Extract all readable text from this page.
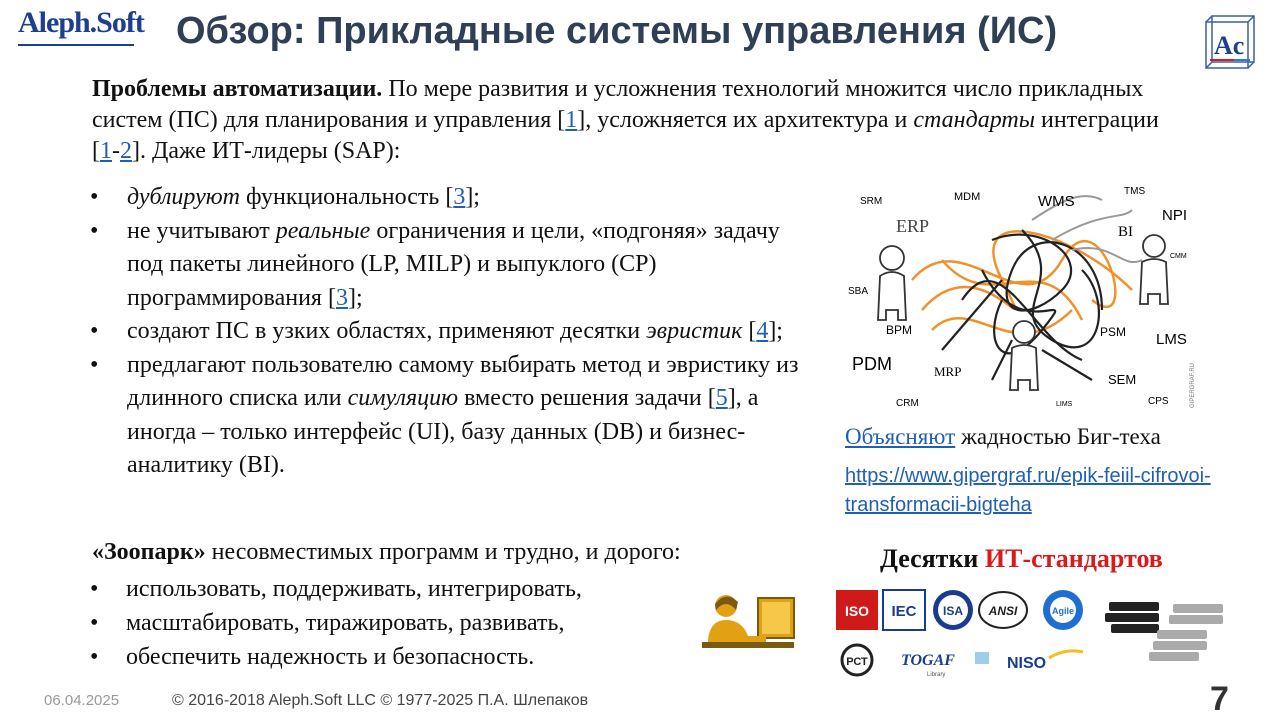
Aleph.Soft Обзор: Прикладные системы управления (ИС)	Ac
Проблемы автоматизации. По мере развития и усложнения технологий множится число прикладных систем (ПС) для планирования и управления [1], усложняется их архитектура и стандарты интеграции [1-2]. Даже ИТ-лидеры (SAP):
• дублируют функциональность [3];
• не учитывают реальные ограничения и цели, «подгоняя» задачу под пакеты линейного (LP, MILP) и выпуклого (CP) программирования [3];
• создают ПС в узких областях, применяют десятки эвристик [4];
• предлагают пользователю самому выбирать метод и эвристику из длинного списка или симуляцию вместо решения задачи [5], а иногда – только интерфейс (UI), базу данных (DB) и бизнес-аналитику (BI).
«Зоопарк» несовместимых программ и трудно, и дорого:
• использовать, поддерживать, интегрировать,
• масштабировать, тиражировать, развивать,
• обеспечить надежность и безопасность.
SRM	MDM	WMS
TMS
NPI
ERP	BI
CMM
SBA
BPM	PSM LMS
PDM	MRP
SEM
CRM	LIMS	CPS	GIPERGRAF.RU
Объясняют жадностью Биг-теха
https://www.gipergraf.ru/epik-feiil-cifrovoi-transformacii-bigteha
Десятки ИТ-стандартов
ISO IEC ISA ANSI	Agile
РСТ TOGAF
Library
NISO
06.04.2025	© 2016-2018 Aleph.Soft LLC © 1977-2025 П.А. Шлепаков	7
